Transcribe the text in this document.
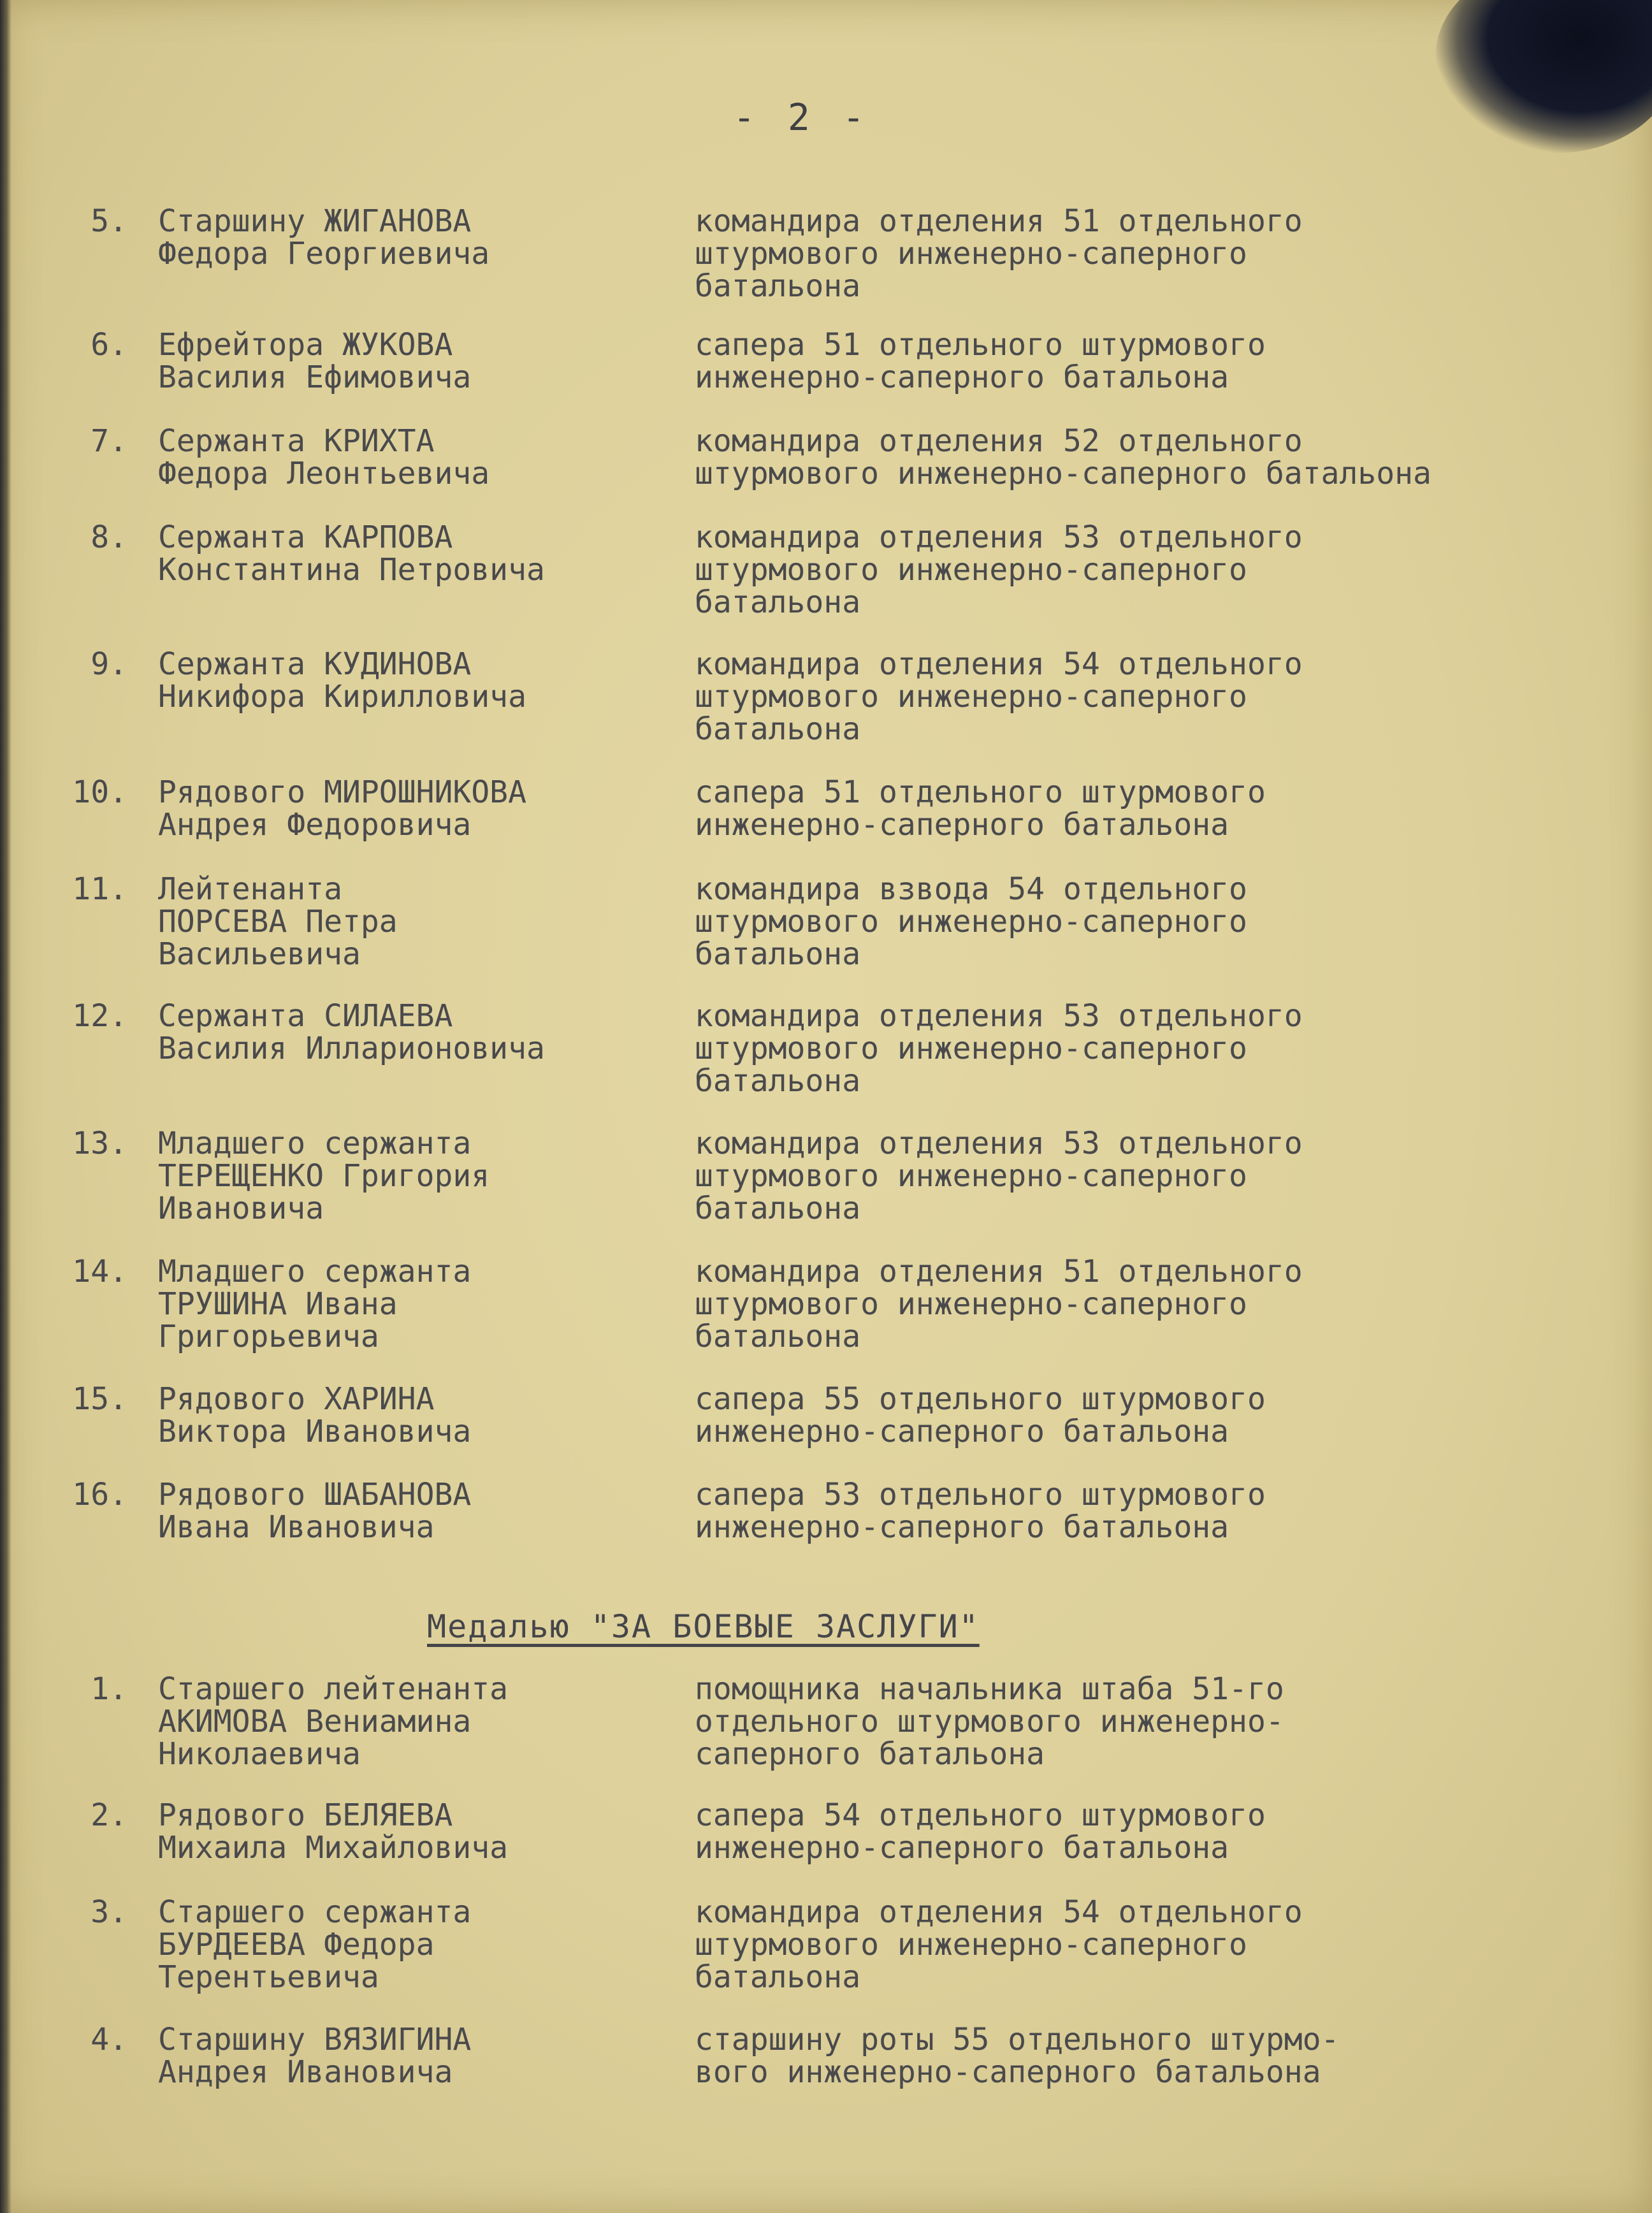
- 2 -
5. Старшину ЖИГАНОВА
Федора Георгиевича
командира отделения 51 отдельного
штурмового инженерно-саперного
батальона
6. Ефрейтора ЖУКОВА
Василия Ефимовича
сапера 51 отдельного штурмового
инженерно-саперного батальона
7. Сержанта КРИХТА
Федора Леонтьевича
командира отделения 52 отдельного
штурмового инженерно-саперного батальона
8. Сержанта КАРПОВА
Константина Петровича
командира отделения 53 отдельного
штурмового инженерно-саперного
батальона
9. Сержанта КУДИНОВА
Никифора Кирилловича
командира отделения 54 отдельного
штурмового инженерно-саперного
батальона
10. Рядового МИРОШНИКОВА
Андрея Федоровича
сапера 51 отдельного штурмового
инженерно-саперного батальона
11. Лейтенанта
ПОРСЕВА Петра
Васильевича
командира взвода 54 отдельного
штурмового инженерно-саперного
батальона
12. Сержанта СИЛАЕВА
Василия Илларионовича
командира отделения 53 отдельного
штурмового инженерно-саперного
батальона
13. Младшего сержанта
ТЕРЕЩЕНКО Григория
Ивановича
командира отделения 53 отдельного
штурмового инженерно-саперного
батальона
14. Младшего сержанта
ТРУШИНА Ивана
Григорьевича
командира отделения 51 отдельного
штурмового инженерно-саперного
батальона
15. Рядового ХАРИНА
Виктора Ивановича
сапера 55 отдельного штурмового
инженерно-саперного батальона
16. Рядового ШАБАНОВА
Ивана Ивановича
сапера 53 отдельного штурмового
инженерно-саперного батальона
Медалью "ЗА БОЕВЫЕ ЗАСЛУГИ"
1. Старшего лейтенанта
АКИМОВА Вениамина
Николаевича
помощника начальника штаба 51-го
отдельного штурмового инженерно-
саперного батальона
2. Рядового БЕЛЯЕВА
Михаила Михайловича
сапера 54 отдельного штурмового
инженерно-саперного батальона
3. Старшего сержанта
БУРДЕЕВА Федора
Терентьевича
командира отделения 54 отдельного
штурмового инженерно-саперного
батальона
4. Старшину ВЯЗИГИНА
Андрея Ивановича
старшину роты 55 отдельного штурмо-
вого инженерно-саперного батальона
